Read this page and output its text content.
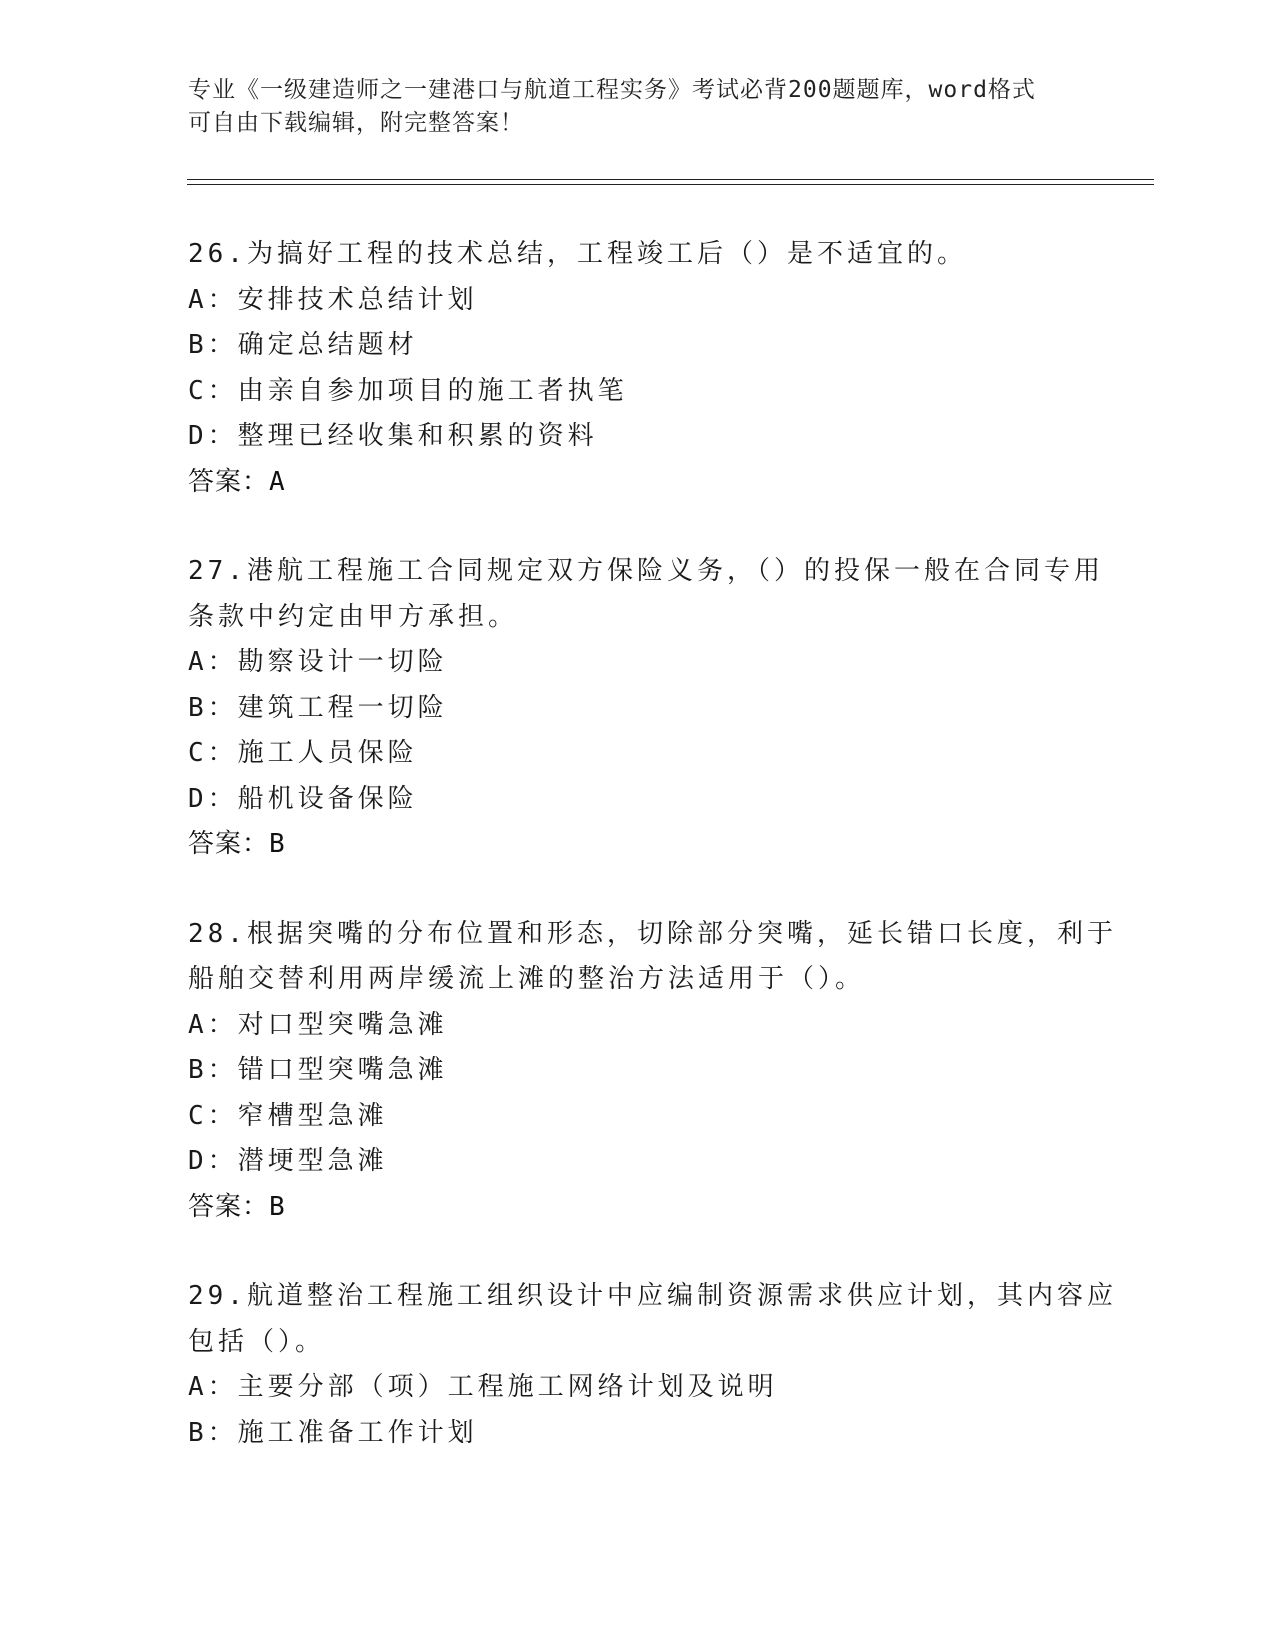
专业《一级建造师之一建港口与航道工程实务》考试必背200题题库，word格式
可自由下载编辑，附完整答案！
26.为搞好工程的技术总结，工程竣工后（）是不适宜的。
A：安排技术总结计划
B：确定总结题材
C：由亲自参加项目的施工者执笔
D：整理已经收集和积累的资料
答案：A
27.港航工程施工合同规定双方保险义务，（）的投保一般在合同专用
条款中约定由甲方承担。
A：勘察设计一切险
B：建筑工程一切险
C：施工人员保险
D：船机设备保险
答案：B
28.根据突嘴的分布位置和形态，切除部分突嘴，延长错口长度，利于
船舶交替利用两岸缓流上滩的整治方法适用于（）。
A：对口型突嘴急滩
B：错口型突嘴急滩
C：窄槽型急滩
D：潜埂型急滩
答案：B
29.航道整治工程施工组织设计中应编制资源需求供应计划，其内容应
包括（）。
A：主要分部（项）工程施工网络计划及说明
B：施工准备工作计划
